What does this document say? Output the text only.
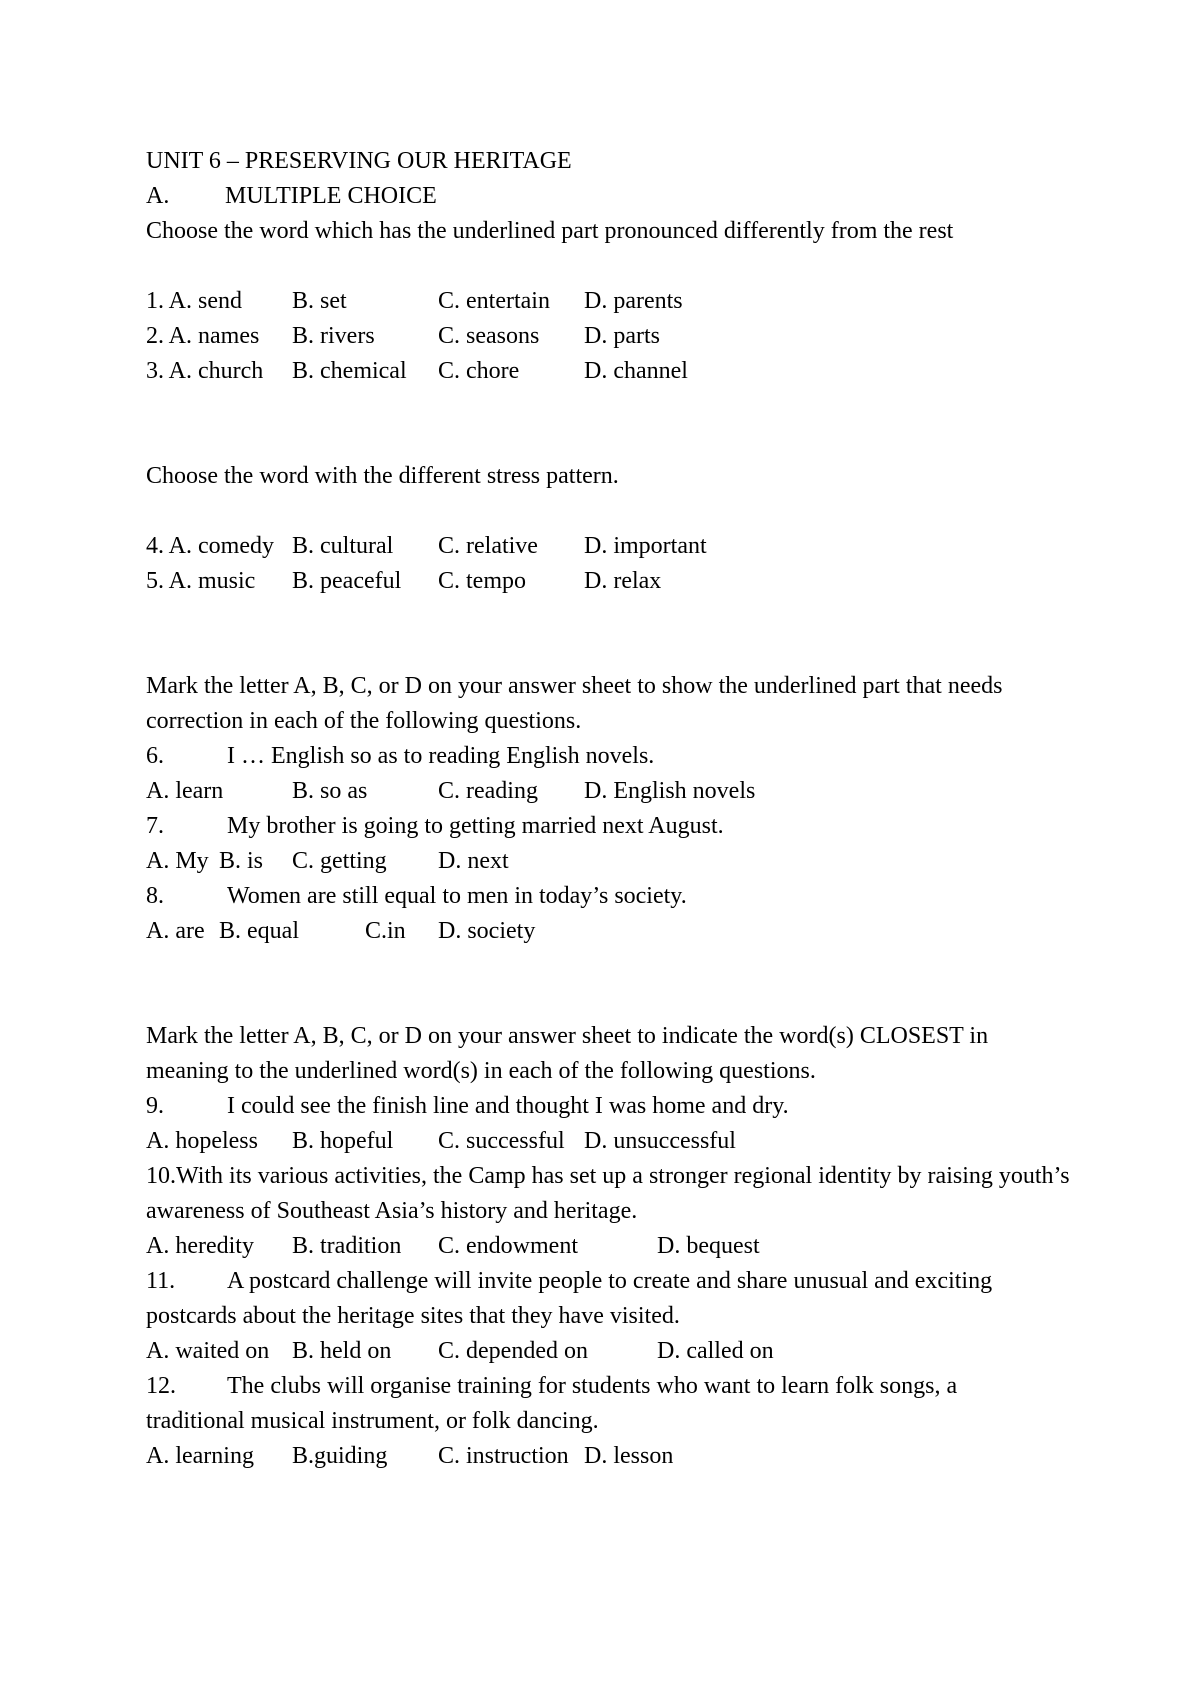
UNIT 6 – PRESERVING OUR HERITAGE
A. MULTIPLE CHOICE
Choose the word which has the underlined part pronounced differently from the rest
1. A. send B. set	C. entertain D. parents
2. A. names B. rivers	C. seasons D. parts
3. A. church B. chemical C. chore	D. channel
Choose the word with the different stress pattern.
4. A. comedy B. cultural C. relative D. important
5. A. music B. peaceful C. tempo D. relax
Mark the letter A, B, C, or D on your answer sheet to show the underlined part that needs correction in each of the following questions.
6.	I … English so as to reading English novels.
A. learn	B. so as	C. reading D. English novels
7.	My brother is going to getting married next August.
A. My B. is C. getting D. next
8.	Women are still equal to men in today’s society.
A. are B. equal	C.in D. society
Mark the letter A, B, C, or D on your answer sheet to indicate the word(s) CLOSEST in meaning to the underlined word(s) in each of the following questions.
9.	I could see the finish line and thought I was home and dry.
A. hopeless B. hopeful C. successful D. unsuccessful
10.With its various activities, the Camp has set up a stronger regional identity by raising youth’s awareness of Southeast Asia’s history and heritage.
A. heredity B. tradition C. endowment	D. bequest
11. A postcard challenge will invite people to create and share unusual and exciting
postcards about the heritage sites that they have visited.
A. waited on B. held on C. depended on	D. called on
12. The clubs will organise training for students who want to learn folk songs, a
traditional musical instrument, or folk dancing.
A. learning B.guiding C. instruction D. lesson
